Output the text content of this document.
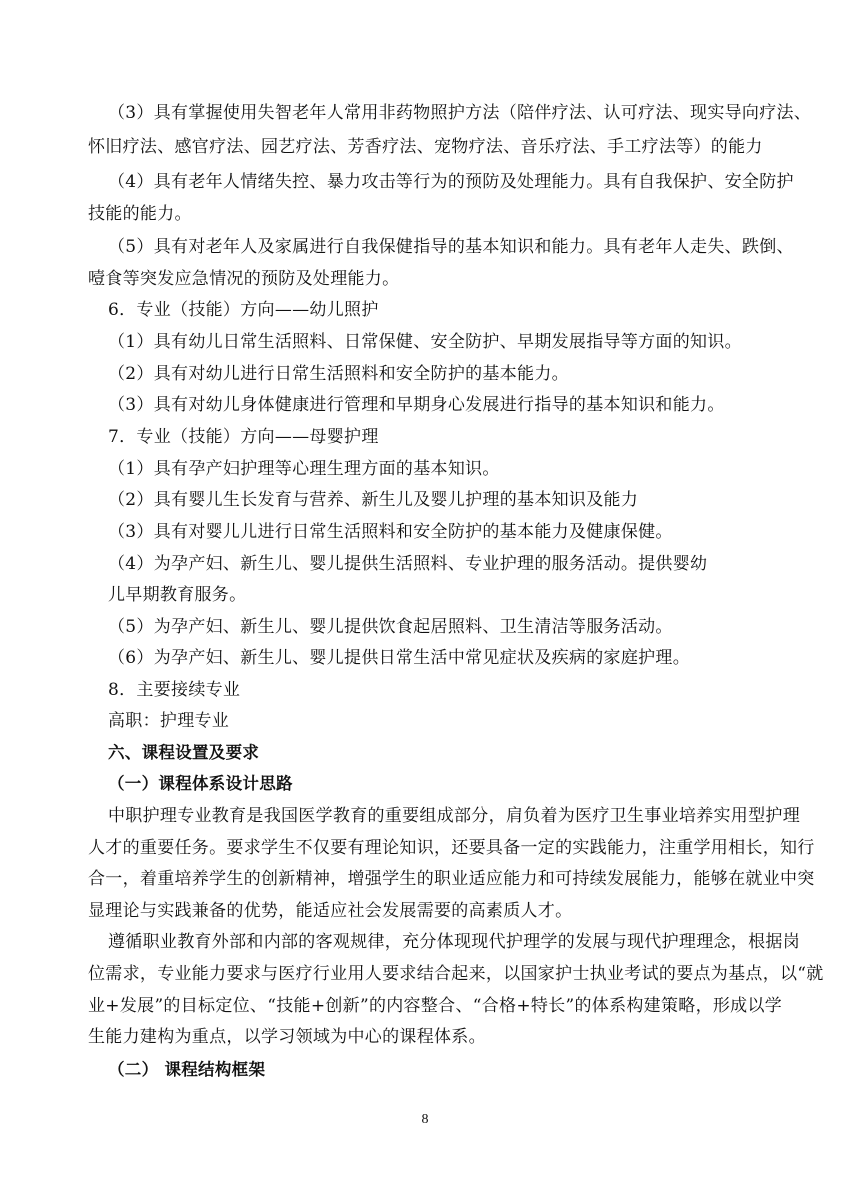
（3）具有掌握使用失智老年人常用非药物照护方法（陪伴疗法、认可疗法、现实导向疗法、
怀旧疗法、感官疗法、园艺疗法、芳香疗法、宠物疗法、音乐疗法、手工疗法等）的能力
（4）具有老年人情绪失控、暴力攻击等行为的预防及处理能力。具有自我保护、安全防护
技能的能力。
（5）具有对老年人及家属进行自我保健指导的基本知识和能力。具有老年人走失、跌倒、
噎食等突发应急情况的预防及处理能力。
6．专业（技能）方向——幼儿照护
（1）具有幼儿日常生活照料、日常保健、安全防护、早期发展指导等方面的知识。
（2）具有对幼儿进行日常生活照料和安全防护的基本能力。
（3）具有对幼儿身体健康进行管理和早期身心发展进行指导的基本知识和能力。
7．专业（技能）方向——母婴护理
（1）具有孕产妇护理等心理生理方面的基本知识。
（2）具有婴儿生长发育与营养、新生儿及婴儿护理的基本知识及能力
（3）具有对婴儿儿进行日常生活照料和安全防护的基本能力及健康保健。
（4）为孕产妇、新生儿、婴儿提供生活照料、专业护理的服务活动。提供婴幼
儿早期教育服务。
（5）为孕产妇、新生儿、婴儿提供饮食起居照料、卫生清洁等服务活动。
（6）为孕产妇、新生儿、婴儿提供日常生活中常见症状及疾病的家庭护理。
8．主要接续专业
高职：护理专业
六、课程设置及要求
（一）课程体系设计思路
中职护理专业教育是我国医学教育的重要组成部分，肩负着为医疗卫生事业培养实用型护理
人才的重要任务。要求学生不仅要有理论知识，还要具备一定的实践能力，注重学用相长，知行
合一，着重培养学生的创新精神，增强学生的职业适应能力和可持续发展能力，能够在就业中突
显理论与实践兼备的优势，能适应社会发展需要的高素质人才。
遵循职业教育外部和内部的客观规律，充分体现现代护理学的发展与现代护理理念，根据岗
位需求，专业能力要求与医疗行业用人要求结合起来，以国家护士执业考试的要点为基点，以“就
业+发展”的目标定位、“技能+创新”的内容整合、“合格+特长”的体系构建策略，形成以学
生能力建构为重点，以学习领域为中心的课程体系。
（二） 课程结构框架
8
